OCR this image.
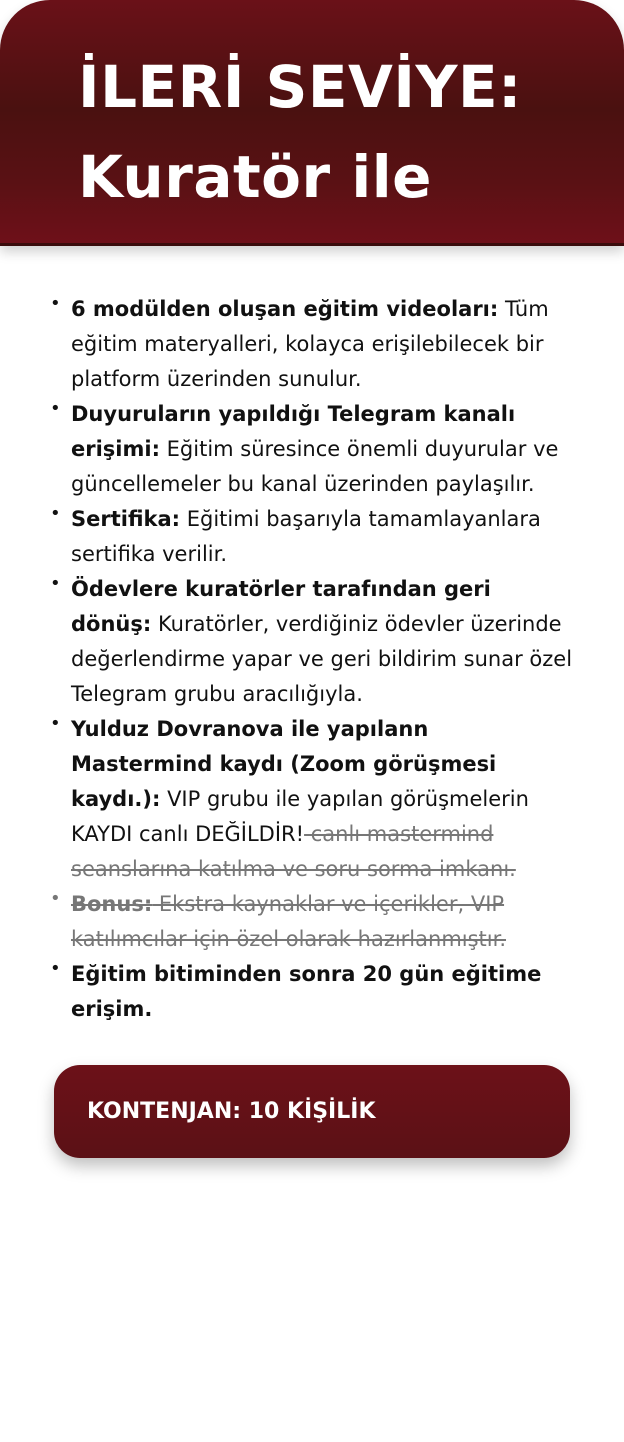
İLERİ SEVİYE:
Kuratör ile
• 6 modülden oluşan eğitim videoları: Tüm eğitim materyalleri, kolayca erişilebilecek bir platform üzerinden sunulur.
• Duyuruların yapıldığı Telegram kanalı erişimi: Eğitim süresince önemli duyurular ve güncellemeler bu kanal üzerinden paylaşılır.
• Sertifika: Eğitimi başarıyla tamamlayanlara sertifika verilir.
• Ödevlere kuratörler tarafından geri dönüş: Kuratörler, verdiğiniz ödevler üzerinde değerlendirme yapar ve geri bildirim sunar özel Telegram grubu aracılığıyla.
• Yulduz Dovranova ile yapılann Mastermind kaydı (Zoom görüşmesi kaydı.): VIP grubu ile yapılan görüşmelerin KAYDI canlı DEĞİLDİR! canlı mastermind seanslarına katılma ve soru sorma imkanı.
• Bonus: Ekstra kaynaklar ve içerikler, VIP katılımcılar için özel olarak hazırlanmıştır.
• Eğitim bitiminden sonra 20 gün eğitime erişim.
KONTENJAN: 10 KİŞİLİK
